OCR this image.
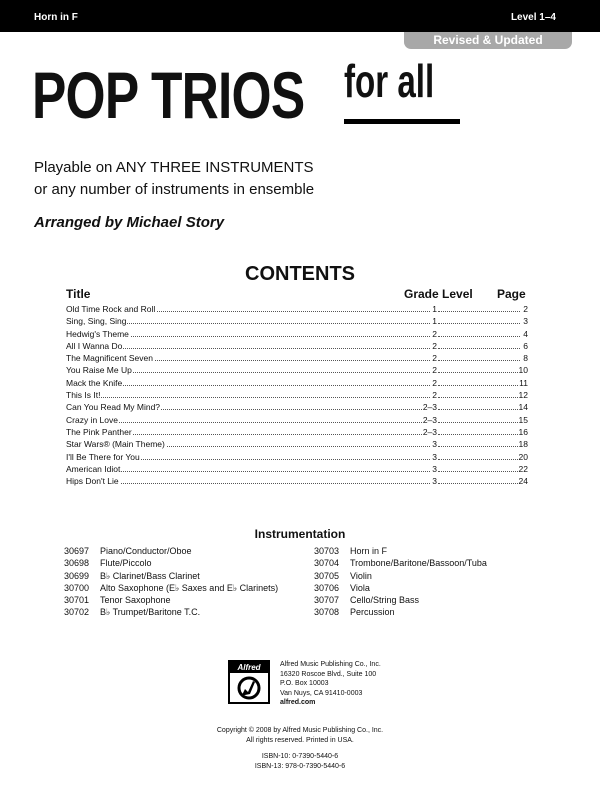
Horn in F	Level 1–4
Revised & Updated
POP TRIOS for all
Playable on ANY THREE INSTRUMENTS
or any number of instruments in ensemble
Arranged by Michael Story
CONTENTS
Title	Grade Level Page
Old Time Rock and Roll	1	2
Sing, Sing, Sing	1	3
Hedwig's Theme	2	4
All I Wanna Do	2	6
The Magnificent Seven	2	8
You Raise Me Up	2	10
Mack the Knife	2	11
This Is It!	2	12
Can You Read My Mind?	2–3	14
Crazy in Love	2–3	15
The Pink Panther	2–3	16
Star Wars® (Main Theme)	3	18
I'll Be There for You	3	20
American Idiot	3	22
Hips Don't Lie	3	24
Instrumentation
30697 Piano/Conductor/Oboe
30698 Flute/Piccolo
30699 B♭ Clarinet/Bass Clarinet
30700 Alto Saxophone (E♭ Saxes and E♭ Clarinets)
30701 Tenor Saxophone
30702 B♭ Trumpet/Baritone T.C.
30703 Horn in F
30704 Trombone/Baritone/Bassoon/Tuba
30705 Violin
30706 Viola
30707 Cello/String Bass
30708 Percussion
Alfred	Alfred Music Publishing Co., Inc.
16320 Roscoe Blvd., Suite 100
P.O. Box 10003
Van Nuys, CA 91410-0003
alfred.com
Copyright © 2008 by Alfred Music Publishing Co., Inc.
All rights reserved. Printed in USA.
ISBN-10: 0-7390-5440-6
ISBN-13: 978-0-7390-5440-6
